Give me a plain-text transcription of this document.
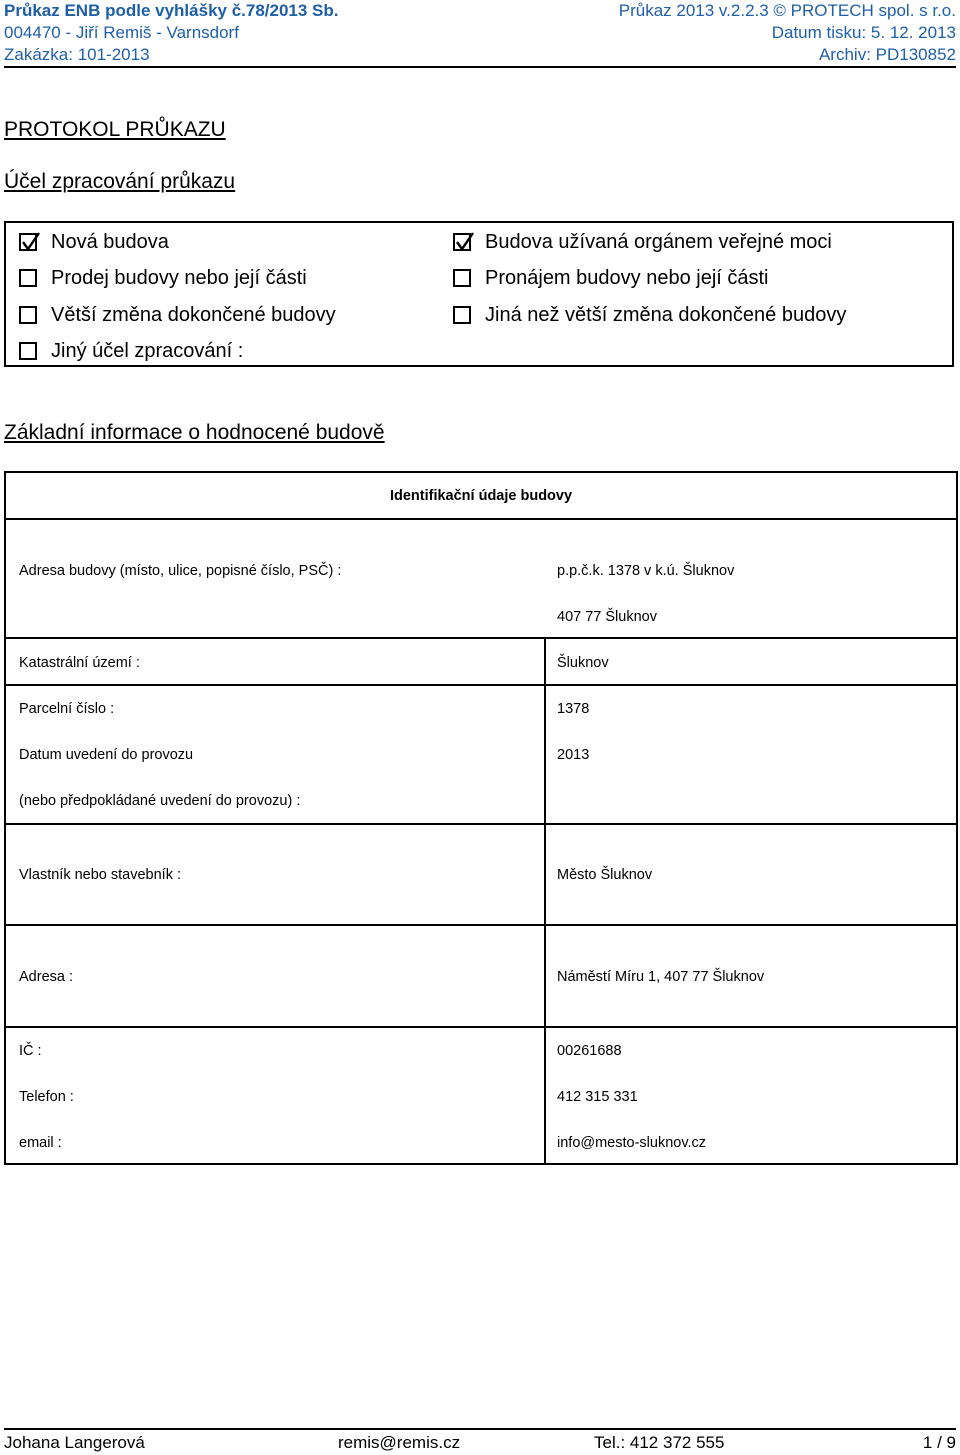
Průkaz ENB podle vyhlášky č.78/2013 Sb.	Průkaz 2013 v.2.2.3 © PROTECH spol. s r.o.
004470 - Jiří Remiš - Varnsdorf	Datum tisku: 5. 12. 2013
Zakázka: 101-2013	Archiv: PD130852
PROTOKOL PRŮKAZU
Účel zpracování průkazu
Nová budova	Budova užívaná orgánem veřejné moci
Prodej budovy nebo její části	Pronájem budovy nebo její části
Větší změna dokončené budovy	Jiná než větší změna dokončené budovy
Jiný účel zpracování :
Základní informace o hodnocené budově
Identifikační údaje budovy
Adresa budovy (místo, ulice, popisné číslo, PSČ) :	p.p.č.k. 1378 v k.ú. Šluknov
407 77 Šluknov
Katastrální území :	Šluknov
Parcelní číslo :	1378
Datum uvedení do provozu	2013
(nebo předpokládané uvedení do provozu) :
Vlastník nebo stavebník :	Město Šluknov
Adresa :	Náměstí Míru 1, 407 77 Šluknov
IČ :	00261688
Telefon :	412 315 331
email :	info@mesto-sluknov.cz
Johana Langerová	remis@remis.cz	Tel.: 412 372 555	1 / 9
